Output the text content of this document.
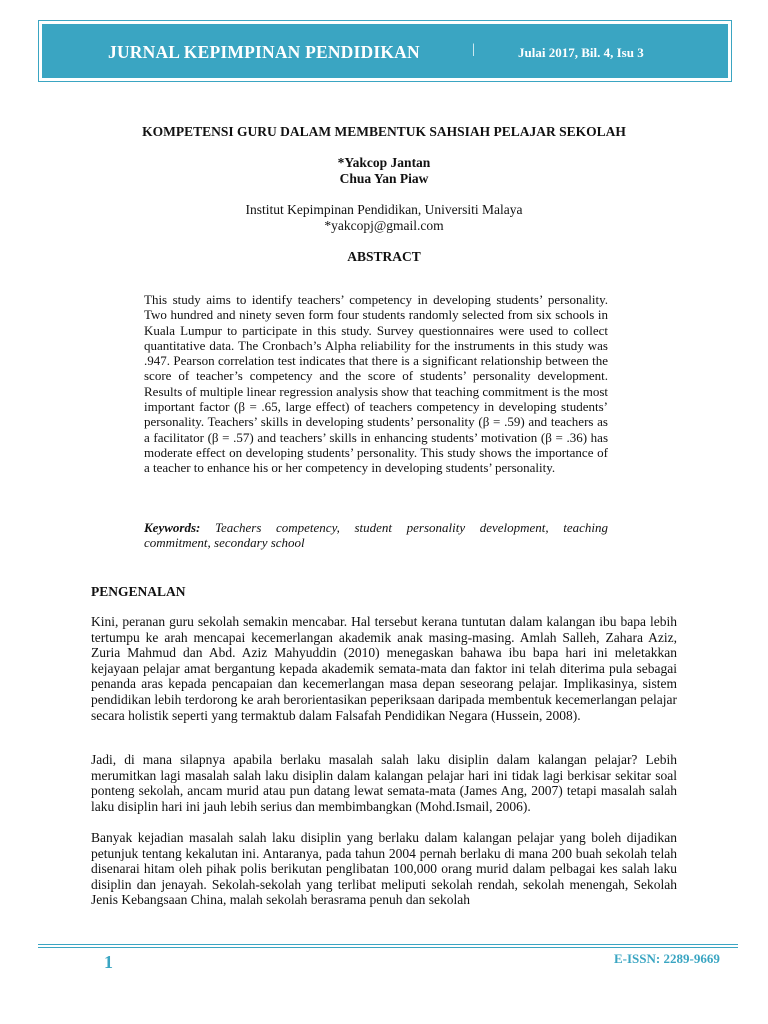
JURNAL KEPIMPINAN PENDIDIKAN	|	Julai 2017, Bil. 4, Isu 3
KOMPETENSI GURU DALAM MEMBENTUK SAHSIAH PELAJAR SEKOLAH
*Yakcop Jantan
Chua Yan Piaw
Institut Kepimpinan Pendidikan, Universiti Malaya
*yakcopj@gmail.com
ABSTRACT
This study aims to identify teachers’ competency in developing students’ personality. Two hundred and ninety seven form four students randomly selected from six schools in Kuala Lumpur to participate in this study. Survey questionnaires were used to collect quantitative data. The Cronbach’s Alpha reliability for the instruments in this study was .947. Pearson correlation test indicates that there is a significant relationship between the score of teacher’s competency and the score of students’ personality development. Results of multiple linear regression analysis show that teaching commitment is the most important factor (β = .65, large effect) of teachers competency in developing students’ personality. Teachers’ skills in developing students’ personality (β = .59) and teachers as a facilitator (β = .57) and teachers’ skills in enhancing students’ motivation (β = .36) has moderate effect on developing students’ personality. This study shows the importance of a teacher to enhance his or her competency in developing students’ personality.
Keywords: Teachers competency, student personality development, teaching commitment, secondary school
PENGENALAN

Kini, peranan guru sekolah semakin mencabar. Hal tersebut kerana tuntutan dalam kalangan ibu bapa lebih tertumpu ke arah mencapai kecemerlangan akademik anak masing-masing. Amlah Salleh, Zahara Aziz, Zuria Mahmud dan Abd. Aziz Mahyuddin (2010) menegaskan bahawa ibu bapa hari ini meletakkan kejayaan pelajar amat bergantung kepada akademik semata-mata dan faktor ini telah diterima pula sebagai penanda aras kepada pencapaian dan kecemerlangan masa depan seseorang pelajar. Implikasinya, sistem pendidikan lebih terdorong ke arah berorientasikan peperiksaan daripada membentuk kecemerlangan pelajar secara holistik seperti yang termaktub dalam Falsafah Pendidikan Negara (Hussein, 2008).

Jadi, di mana silapnya apabila berlaku masalah salah laku disiplin dalam kalangan pelajar? Lebih merumitkan lagi masalah salah laku disiplin dalam kalangan pelajar hari ini tidak lagi berkisar sekitar soal ponteng sekolah, ancam murid atau pun datang lewat semata-mata (James Ang, 2007) tetapi masalah salah laku disiplin hari ini jauh lebih serius dan membimbangkan (Mohd.Ismail, 2006).

Banyak kejadian masalah salah laku disiplin yang berlaku dalam kalangan pelajar yang boleh dijadikan petunjuk tentang kekalutan ini. Antaranya, pada tahun 2004 pernah berlaku di mana 200 buah sekolah telah disenarai hitam oleh pihak polis berikutan penglibatan 100,000 orang murid dalam pelbagai kes salah laku disiplin dan jenayah. Sekolah-sekolah yang terlibat meliputi sekolah rendah, sekolah menengah, Sekolah Jenis Kebangsaan China, malah sekolah berasrama penuh dan sekolah

1	E-ISSN: 2289-9669
